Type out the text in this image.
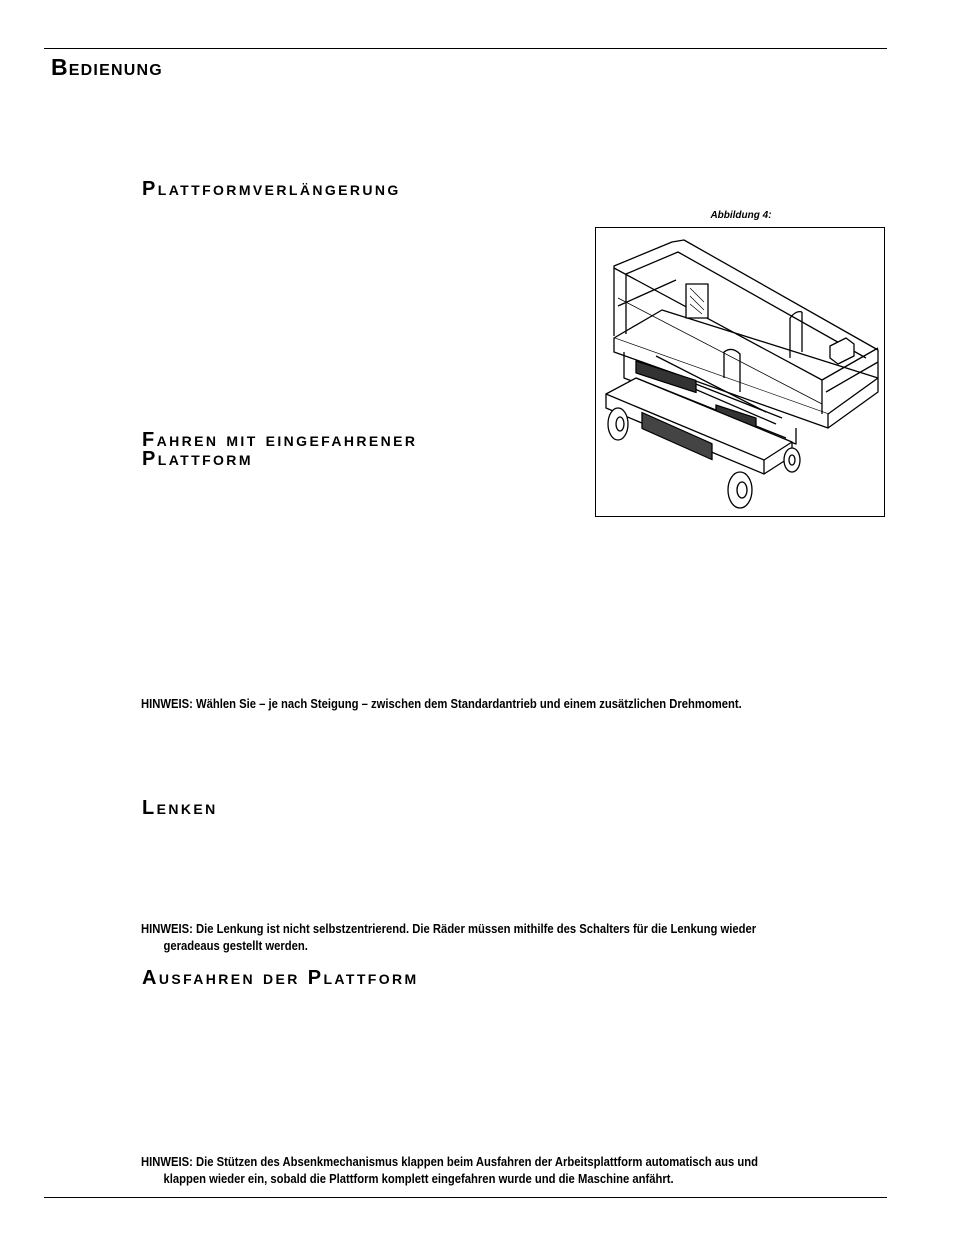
Bedienung
Plattformverlängerung
Abbildung 4:
Fahren mit eingefahrener
Plattform

HINWEIS: Wählen Sie – je nach Steigung – zwischen dem Standardantrieb und einem zusätzlichen Drehmoment.

Lenken

HINWEIS: Die Lenkung ist nicht selbstzentrierend. Die Räder müssen mithilfe des Schalters für die Lenkung wieder
geradeaus gestellt werden.

Ausfahren der Plattform

HINWEIS: Die Stützen des Absenkmechanismus klappen beim Ausfahren der Arbeitsplattform automatisch aus und
klappen wieder ein, sobald die Plattform komplett eingefahren wurde und die Maschine anfährt.
